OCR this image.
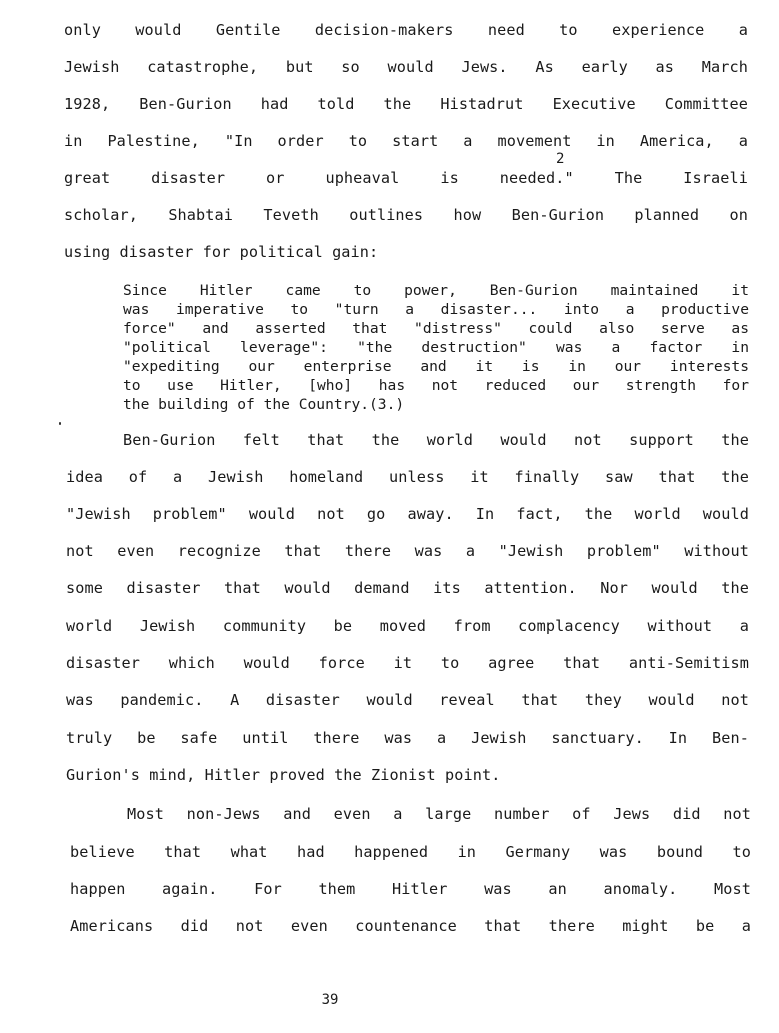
only would Gentile decision-makers need to experience a
Jewish catastrophe, but so would Jews. As early as March
1928, Ben-Gurion had told the Histadrut Executive Committee
in Palestine, "In order to start a movement in America, a
2
great disaster or upheaval is needed." The Israeli
scholar, Shabtai Teveth outlines how Ben-Gurion planned on
using disaster for political gain:
Since Hitler came to power, Ben-Gurion maintained it
was imperative to "turn a disaster... into a productive
force" and asserted that "distress" could also serve as
"political leverage": "the destruction" was a factor in
"expediting our enterprise and it is in our interests
to use Hitler, [who] has not reduced our strength for
the building of the Country.(3.)
Ben-Gurion felt that the world would not support the
idea of a Jewish homeland unless it finally saw that the
"Jewish problem" would not go away. In fact, the world would
not even recognize that there was a "Jewish problem" without
some disaster that would demand its attention. Nor would the
world Jewish community be moved from complacency without a
disaster which would force it to agree that anti-Semitism
was pandemic. A disaster would reveal that they would not
truly be safe until there was a Jewish sanctuary. In Ben-
Gurion's mind, Hitler proved the Zionist point.
Most non-Jews and even a large number of Jews did not
believe that what had happened in Germany was bound to
happen again. For them Hitler was an anomaly. Most
Americans did not even countenance that there might be a
39
